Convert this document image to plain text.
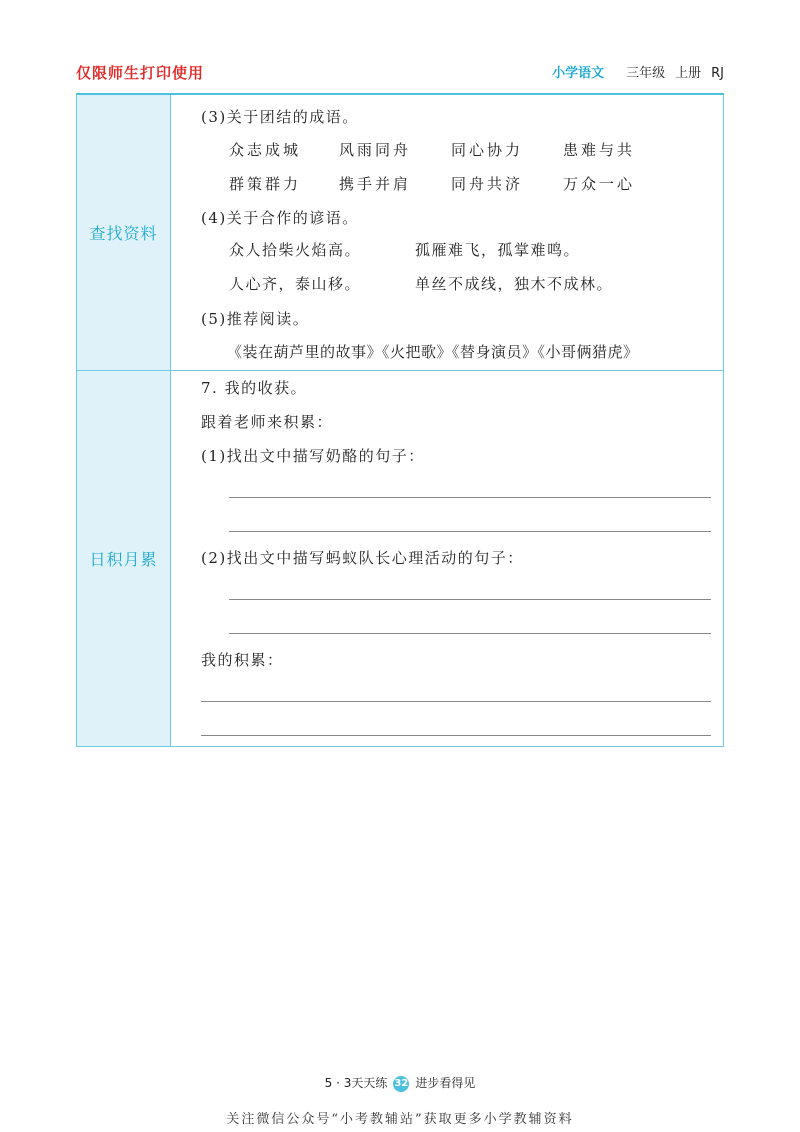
仅限师生打印使用	小学语文 三年级 上册 RJ
查找资料
(3)关于团结的成语。
众志成城	风雨同舟	同心协力	患难与共
群策群力	携手并肩	同舟共济	万众一心
(4)关于合作的谚语。
众人拾柴火焰高。	孤雁难飞，孤掌难鸣。
人心齐，泰山移。	单丝不成线，独木不成林。
(5)推荐阅读。
《装在葫芦里的故事》《火把歌》《替身演员》《小哥俩猎虎》
日积月累
7. 我的收获。
跟着老师来积累：
(1)找出文中描写奶酪的句子：
(2)找出文中描写蚂蚁队长心理活动的句子：
我的积累：
5 · 3天天练 32 进步看得见
关注微信公众号“小考教辅站”获取更多小学教辅资料
